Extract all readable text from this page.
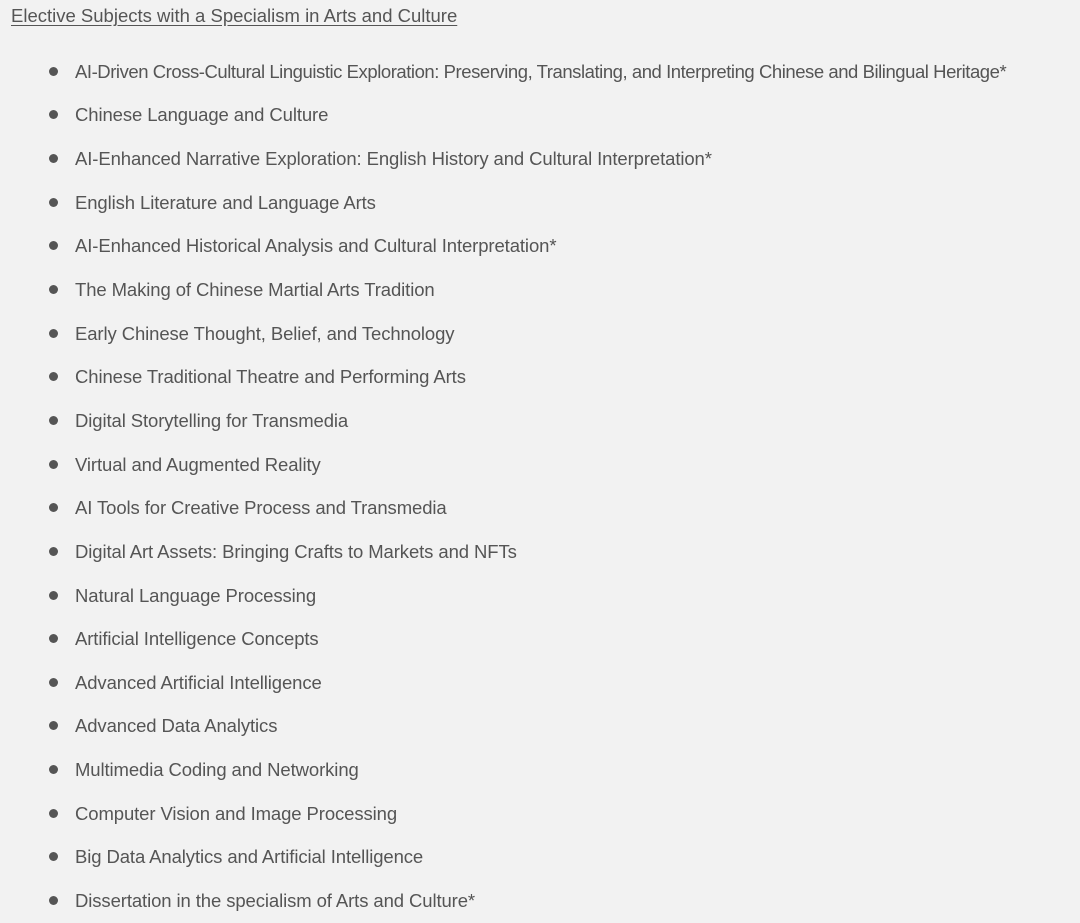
Elective Subjects with a Specialism in Arts and Culture
AI-Driven Cross-Cultural Linguistic Exploration: Preserving, Translating, and Interpreting Chinese and Bilingual Heritage*
Chinese Language and Culture
AI-Enhanced Narrative Exploration: English History and Cultural Interpretation*
English Literature and Language Arts
AI-Enhanced Historical Analysis and Cultural Interpretation*
The Making of Chinese Martial Arts Tradition
Early Chinese Thought, Belief, and Technology
Chinese Traditional Theatre and Performing Arts
Digital Storytelling for Transmedia
Virtual and Augmented Reality
AI Tools for Creative Process and Transmedia
Digital Art Assets: Bringing Crafts to Markets and NFTs
Natural Language Processing
Artificial Intelligence Concepts
Advanced Artificial Intelligence
Advanced Data Analytics
Multimedia Coding and Networking
Computer Vision and Image Processing
Big Data Analytics and Artificial Intelligence
Dissertation in the specialism of Arts and Culture*
